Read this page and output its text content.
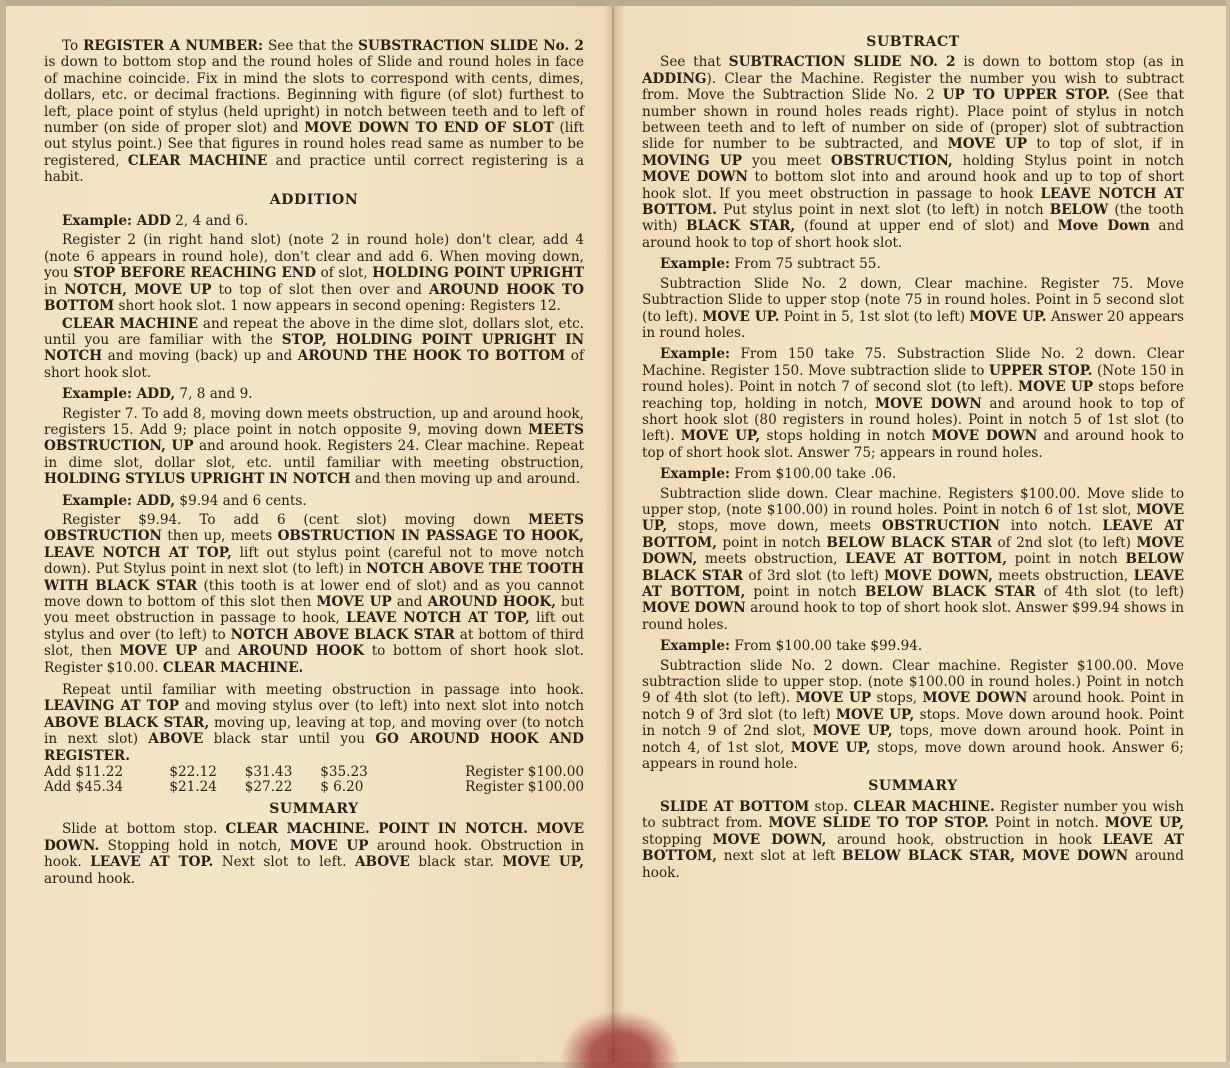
To REGISTER A NUMBER: See that the SUBSTRACTION SLIDE No. 2 is down to bottom stop and the round holes of Slide and round holes in face of machine coincide. Fix in mind the slots to correspond with cents, dimes, dollars, etc. or decimal fractions. Beginning with figure (of slot) furthest to left, place point of stylus (held upright) in notch between teeth and to left of number (on side of proper slot) and MOVE DOWN TO END OF SLOT (lift out stylus point.) See that figures in round holes read same as number to be registered, CLEAR MACHINE and practice until correct registering is a habit.

ADDITION

Example: ADD 2, 4 and 6.

Register 2 (in right hand slot) (note 2 in round hole) don't clear, add 4 (note 6 appears in round hole), don't clear and add 6. When moving down, you STOP BEFORE REACHING END of slot, HOLDING POINT UPRIGHT in NOTCH, MOVE UP to top of slot then over and AROUND HOOK TO BOTTOM short hook slot. 1 now appears in second opening: Registers 12.

CLEAR MACHINE and repeat the above in the dime slot, dollars slot, etc. until you are familiar with the STOP, HOLDING POINT UPRIGHT IN NOTCH and moving (back) up and AROUND THE HOOK TO BOTTOM of short hook slot.

Example: ADD, 7, 8 and 9.

Register 7. To add 8, moving down meets obstruction, up and around hook, registers 15. Add 9; place point in notch opposite 9, moving down MEETS OBSTRUCTION, UP and around hook. Registers 24. Clear machine. Repeat in dime slot, dollar slot, etc. until familiar with meeting obstruction, HOLDING STYLUS UPRIGHT IN NOTCH and then moving up and around.

Example: ADD, $9.94 and 6 cents.

Register $9.94. To add 6 (cent slot) moving down MEETS OBSTRUCTION then up, meets OBSTRUCTION IN PASSAGE TO HOOK, LEAVE NOTCH AT TOP, lift out stylus point (careful not to move notch down). Put Stylus point in next slot (to left) in NOTCH ABOVE THE TOOTH WITH BLACK STAR (this tooth is at lower end of slot) and as you cannot move down to bottom of this slot then MOVE UP and AROUND HOOK, but you meet obstruction in passage to hook, LEAVE NOTCH AT TOP, lift out stylus and over (to left) to NOTCH ABOVE BLACK STAR at bottom of third slot, then MOVE UP and AROUND HOOK to bottom of short hook slot. Register $10.00. CLEAR MACHINE.

Repeat until familiar with meeting obstruction in passage into hook. LEAVING AT TOP and moving stylus over (to left) into next slot into notch ABOVE BLACK STAR, moving up, leaving at top, and moving over (to notch in next slot) ABOVE black star until you GO AROUND HOOK AND REGISTER.

Add $11.22	$22.12	$31.43	$35.23	Register $100.00
Add $45.34	$21.24	$27.22	$ 6.20	Register $100.00
SUMMARY

Slide at bottom stop. CLEAR MACHINE. POINT IN NOTCH. MOVE DOWN. Stopping hold in notch, MOVE UP around hook. Obstruction in hook. LEAVE AT TOP. Next slot to left. ABOVE black star. MOVE UP, around hook.

SUBTRACT

See that SUBTRACTION SLIDE NO. 2 is down to bottom stop (as in ADDING). Clear the Machine. Register the number you wish to subtract from. Move the Subtraction Slide No. 2 UP TO UPPER STOP. (See that number shown in round holes reads right). Place point of stylus in notch between teeth and to left of number on side of (proper) slot of subtraction slide for number to be subtracted, and MOVE UP to top of slot, if in MOVING UP you meet OBSTRUCTION, holding Stylus point in notch MOVE DOWN to bottom slot into and around hook and up to top of short hook slot. If you meet obstruction in passage to hook LEAVE NOTCH AT BOTTOM. Put stylus point in next slot (to left) in notch BELOW (the tooth with) BLACK STAR, (found at upper end of slot) and Move Down and around hook to top of short hook slot.

Example: From 75 subtract 55.

Subtraction Slide No. 2 down, Clear machine. Register 75. Move Subtraction Slide to upper stop (note 75 in round holes. Point in 5 second slot (to left). MOVE UP. Point in 5, 1st slot (to left) MOVE UP. Answer 20 appears in round holes.

Example: From 150 take 75. Substraction Slide No. 2 down. Clear Machine. Register 150. Move subtraction slide to UPPER STOP. (Note 150 in round holes). Point in notch 7 of second slot (to left). MOVE UP stops before reaching top, holding in notch, MOVE DOWN and around hook to top of short hook slot (80 registers in round holes). Point in notch 5 of 1st slot (to left). MOVE UP, stops holding in notch MOVE DOWN and around hook to top of short hook slot. Answer 75; appears in round holes.

Example: From $100.00 take .06.

Subtraction slide down. Clear machine. Registers $100.00. Move slide to upper stop, (note $100.00) in round holes. Point in notch 6 of 1st slot, MOVE UP, stops, move down, meets OBSTRUCTION into notch. LEAVE AT BOTTOM, point in notch BELOW BLACK STAR of 2nd slot (to left) MOVE DOWN, meets obstruction, LEAVE AT BOTTOM, point in notch BELOW BLACK STAR of 3rd slot (to left) MOVE DOWN, meets obstruction, LEAVE AT BOTTOM, point in notch BELOW BLACK STAR of 4th slot (to left) MOVE DOWN around hook to top of short hook slot. Answer $99.94 shows in round holes.

Example: From $100.00 take $99.94.

Subtraction slide No. 2 down. Clear machine. Register $100.00. Move subtraction slide to upper stop. (note $100.00 in round holes.) Point in notch 9 of 4th slot (to left). MOVE UP stops, MOVE DOWN around hook. Point in notch 9 of 3rd slot (to left) MOVE UP, stops. Move down around hook. Point in notch 9 of 2nd slot, MOVE UP, tops, move down around hook. Point in notch 4, of 1st slot, MOVE UP, stops, move down around hook. Answer 6; appears in round hole.

SUMMARY

SLIDE AT BOTTOM stop. CLEAR MACHINE. Register number you wish to subtract from. MOVE SLIDE TO TOP STOP. Point in notch. MOVE UP, stopping MOVE DOWN, around hook, obstruction in hook LEAVE AT BOTTOM, next slot at left BELOW BLACK STAR, MOVE DOWN around hook.
